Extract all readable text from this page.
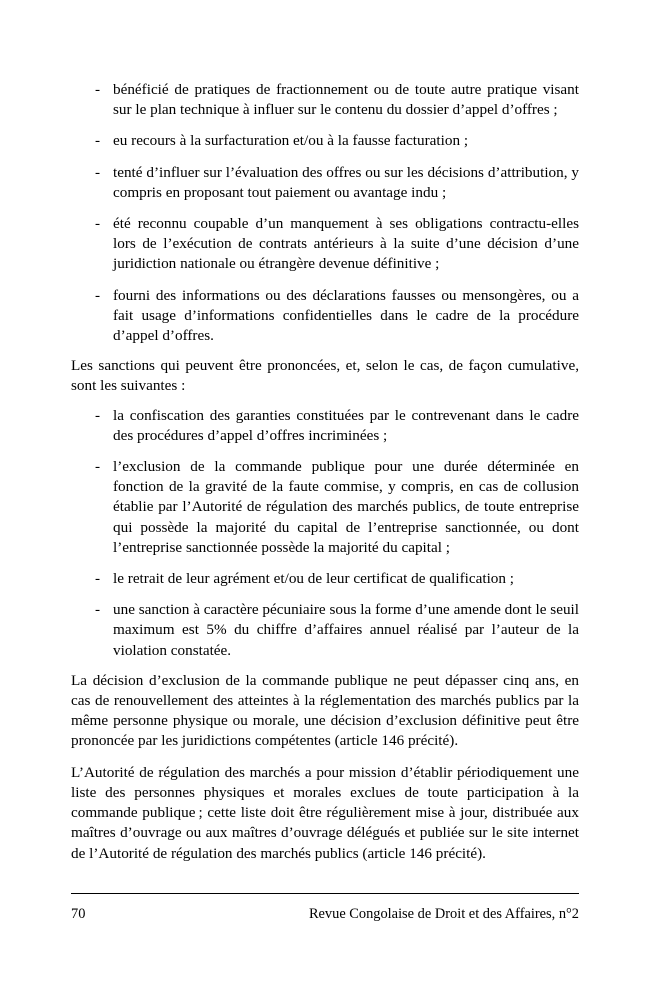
- bénéficié de pratiques de fractionnement ou de toute autre pratique visant sur le plan technique à influer sur le contenu du dossier d’appel d’offres ;
- eu recours à la surfacturation et/ou à la fausse facturation ;
- tenté d’influer sur l’évaluation des offres ou sur les décisions d’attribution, y compris en proposant tout paiement ou avantage indu ;
- été reconnu coupable d’un manquement à ses obligations contractu-elles lors de l’exécution de contrats antérieurs à la suite d’une décision d’une juridiction nationale ou étrangère devenue définitive ;
- fourni des informations ou des déclarations fausses ou mensongères, ou a fait usage d’informations confidentielles dans le cadre de la procédure d’appel d’offres.

Les sanctions qui peuvent être prononcées, et, selon le cas, de façon cumulative, sont les suivantes :

- la confiscation des garanties constituées par le contrevenant dans le cadre des procédures d’appel d’offres incriminées ;
- l’exclusion de la commande publique pour une durée déterminée en fonction de la gravité de la faute commise, y compris, en cas de collusion établie par l’Autorité de régulation des marchés publics, de toute entreprise qui possède la majorité du capital de l’entreprise sanctionnée, ou dont l’entreprise sanctionnée possède la majorité du capital ;
- le retrait de leur agrément et/ou de leur certificat de qualification ;
- une sanction à caractère pécuniaire sous la forme d’une amende dont le seuil maximum est 5% du chiffre d’affaires annuel réalisé par l’auteur de la violation constatée.

La décision d’exclusion de la commande publique ne peut dépasser cinq ans, en cas de renouvellement des atteintes à la réglementation des marchés publics par la même personne physique ou morale, une décision d’exclusion définitive peut être prononcée par les juridictions compétentes (article 146 précité).

L’Autorité de régulation des marchés a pour mission d’établir périodiquement une liste des personnes physiques et morales exclues de toute participation à la commande publique ; cette liste doit être régulièrement mise à jour, distribuée aux maîtres d’ouvrage ou aux maîtres d’ouvrage délégués et publiée sur le site internet de l’Autorité de régulation des marchés publics (article 146 précité).

70	Revue Congolaise de Droit et des Affaires, n°2
